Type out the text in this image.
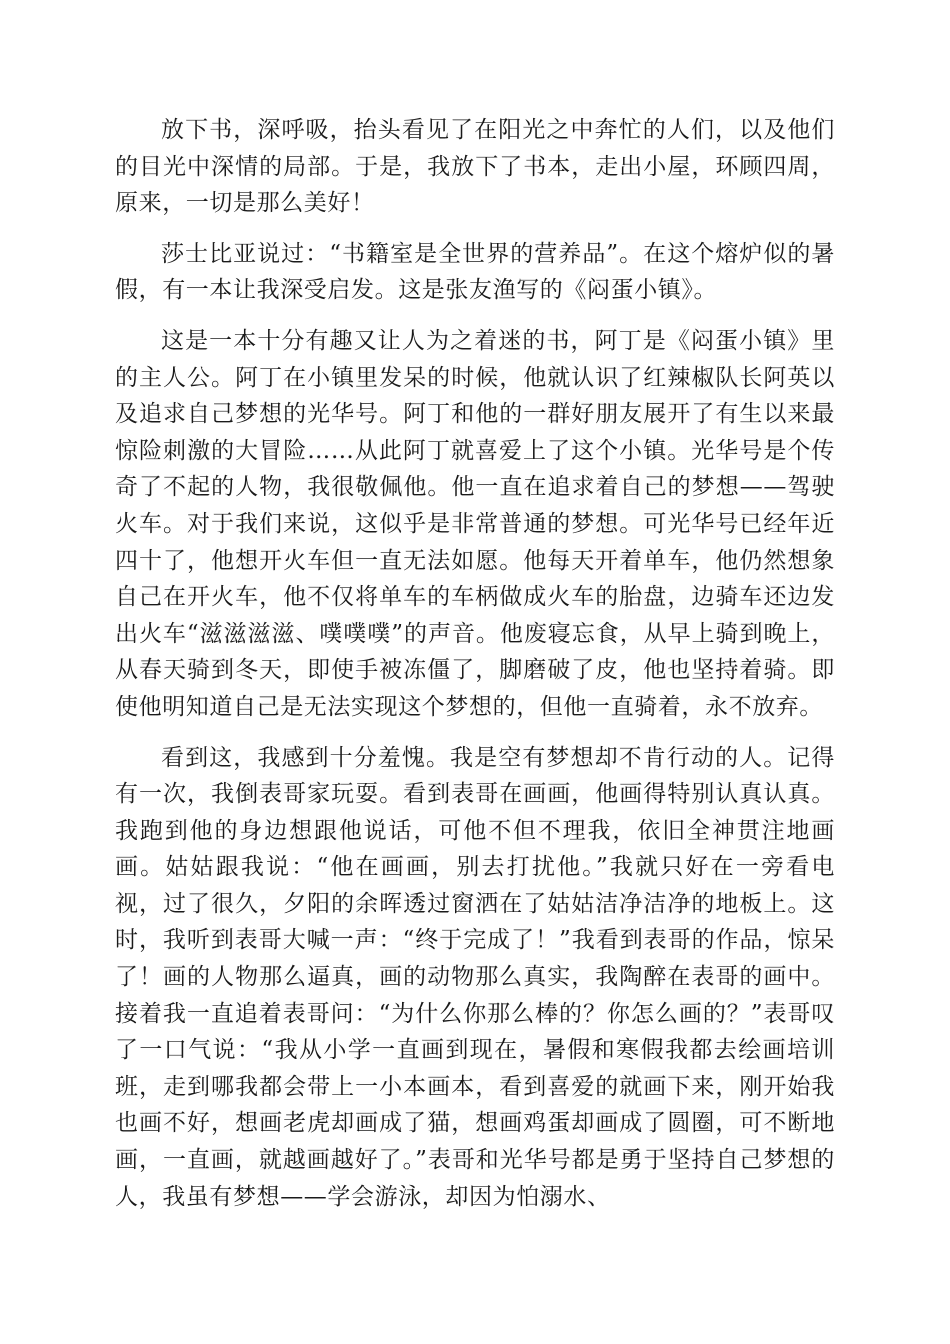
放下书，深呼吸，抬头看见了在阳光之中奔忙的人们，以及他们的目光中深情的局部。于是，我放下了书本，走出小屋，环顾四周，原来，一切是那么美好！

莎士比亚说过：“书籍室是全世界的营养品”。在这个熔炉似的暑假，有一本让我深受启发。这是张友渔写的《闷蛋小镇》。

这是一本十分有趣又让人为之着迷的书，阿丁是《闷蛋小镇》里的主人公。阿丁在小镇里发呆的时候，他就认识了红辣椒队长阿英以及追求自己梦想的光华号。阿丁和他的一群好朋友展开了有生以来最惊险刺激的大冒险……从此阿丁就喜爱上了这个小镇。光华号是个传奇了不起的人物，我很敬佩他。他一直在追求着自己的梦想——驾驶火车。对于我们来说，这似乎是非常普通的梦想。可光华号已经年近四十了，他想开火车但一直无法如愿。他每天开着单车，他仍然想象自己在开火车，他不仅将单车的车柄做成火车的胎盘，边骑车还边发出火车“滋滋滋滋、噗噗噗”的声音。他废寝忘食，从早上骑到晚上，从春天骑到冬天，即使手被冻僵了，脚磨破了皮，他也坚持着骑。即使他明知道自己是无法实现这个梦想的，但他一直骑着，永不放弃。

看到这，我感到十分羞愧。我是空有梦想却不肯行动的人。记得有一次，我倒表哥家玩耍。看到表哥在画画，他画得特别认真认真。我跑到他的身边想跟他说话，可他不但不理我，依旧全神贯注地画画。姑姑跟我说：“他在画画，别去打扰他。”我就只好在一旁看电视，过了很久，夕阳的余晖透过窗洒在了姑姑洁净洁净的地板上。这时，我听到表哥大喊一声：“终于完成了！”我看到表哥的作品，惊呆了！画的人物那么逼真，画的动物那么真实，我陶醉在表哥的画中。接着我一直追着表哥问：“为什么你那么棒的？你怎么画的？”表哥叹了一口气说：“我从小学一直画到现在，暑假和寒假我都去绘画培训班，走到哪我都会带上一小本画本，看到喜爱的就画下来，刚开始我也画不好，想画老虎却画成了猫，想画鸡蛋却画成了圆圈，可不断地画，一直画，就越画越好了。”表哥和光华号都是勇于坚持自己梦想的人，我虽有梦想——学会游泳，却因为怕溺水、
